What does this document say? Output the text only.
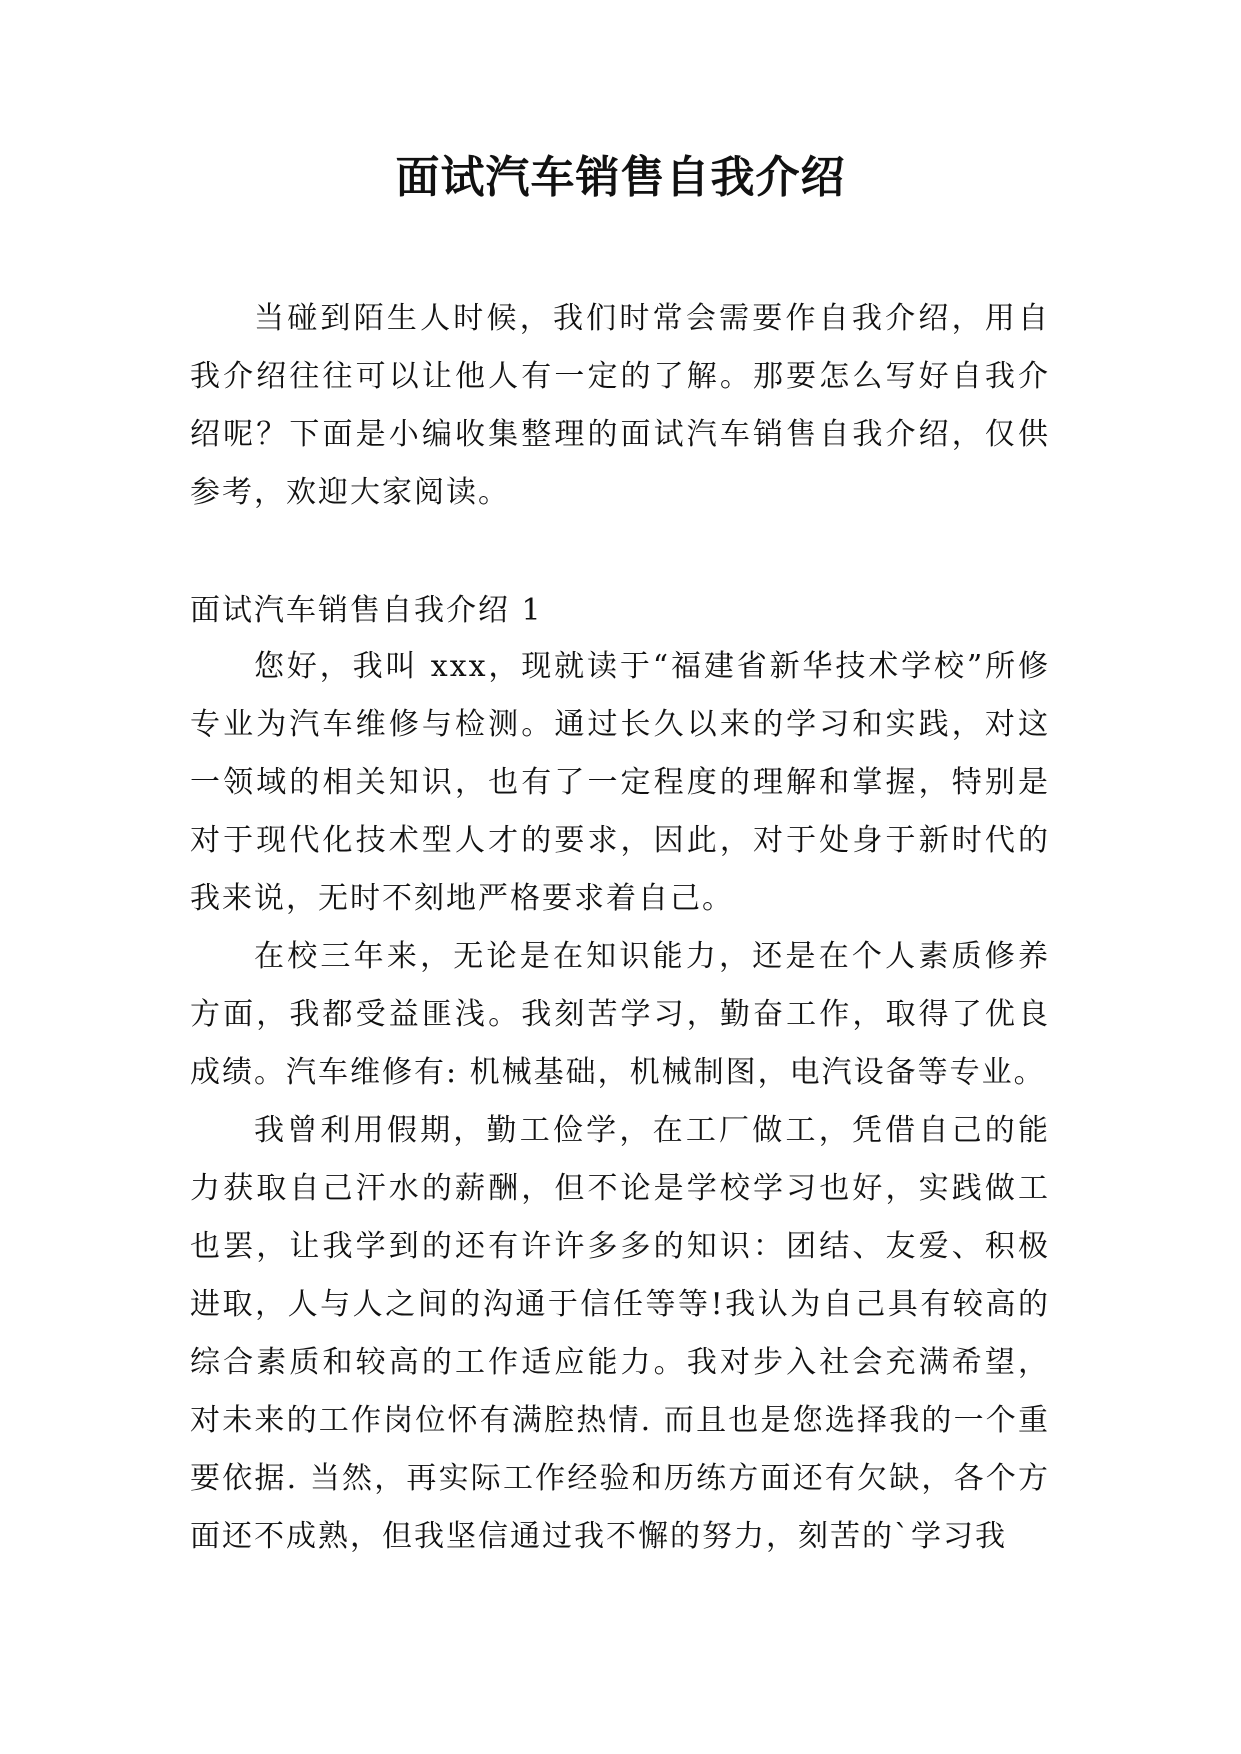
面试汽车销售自我介绍

当碰到陌生人时候，我们时常会需要作自我介绍，用自我介绍往往可以让他人有一定的了解。那要怎么写好自我介绍呢？下面是小编收集整理的面试汽车销售自我介绍，仅供参考，欢迎大家阅读。

面试汽车销售自我介绍 1

您好，我叫 xxx，现就读于“福建省新华技术学校”所修专业为汽车维修与检测。通过长久以来的学习和实践，对这一领域的相关知识，也有了一定程度的理解和掌握，特别是对于现代化技术型人才的要求，因此，对于处身于新时代的我来说，无时不刻地严格要求着自己。

在校三年来，无论是在知识能力，还是在个人素质修养方面，我都受益匪浅。我刻苦学习，勤奋工作，取得了优良成绩。汽车维修有: 机械基础，机械制图，电汽设备等专业。

我曾利用假期，勤工俭学，在工厂做工，凭借自己的能力获取自己汗水的薪酬，但不论是学校学习也好，实践做工也罢，让我学到的还有许许多多的知识：团结、友爱、积极进取，人与人之间的沟通于信任等等!我认为自己具有较高的综合素质和较高的工作适应能力。我对步入社会充满希望，对未来的工作岗位怀有满腔热情. 而且也是您选择我的一个重要依据. 当然，再实际工作经验和历练方面还有欠缺，各个方面还不成熟，但我坚信通过我不懈的努力，刻苦的`学习我
